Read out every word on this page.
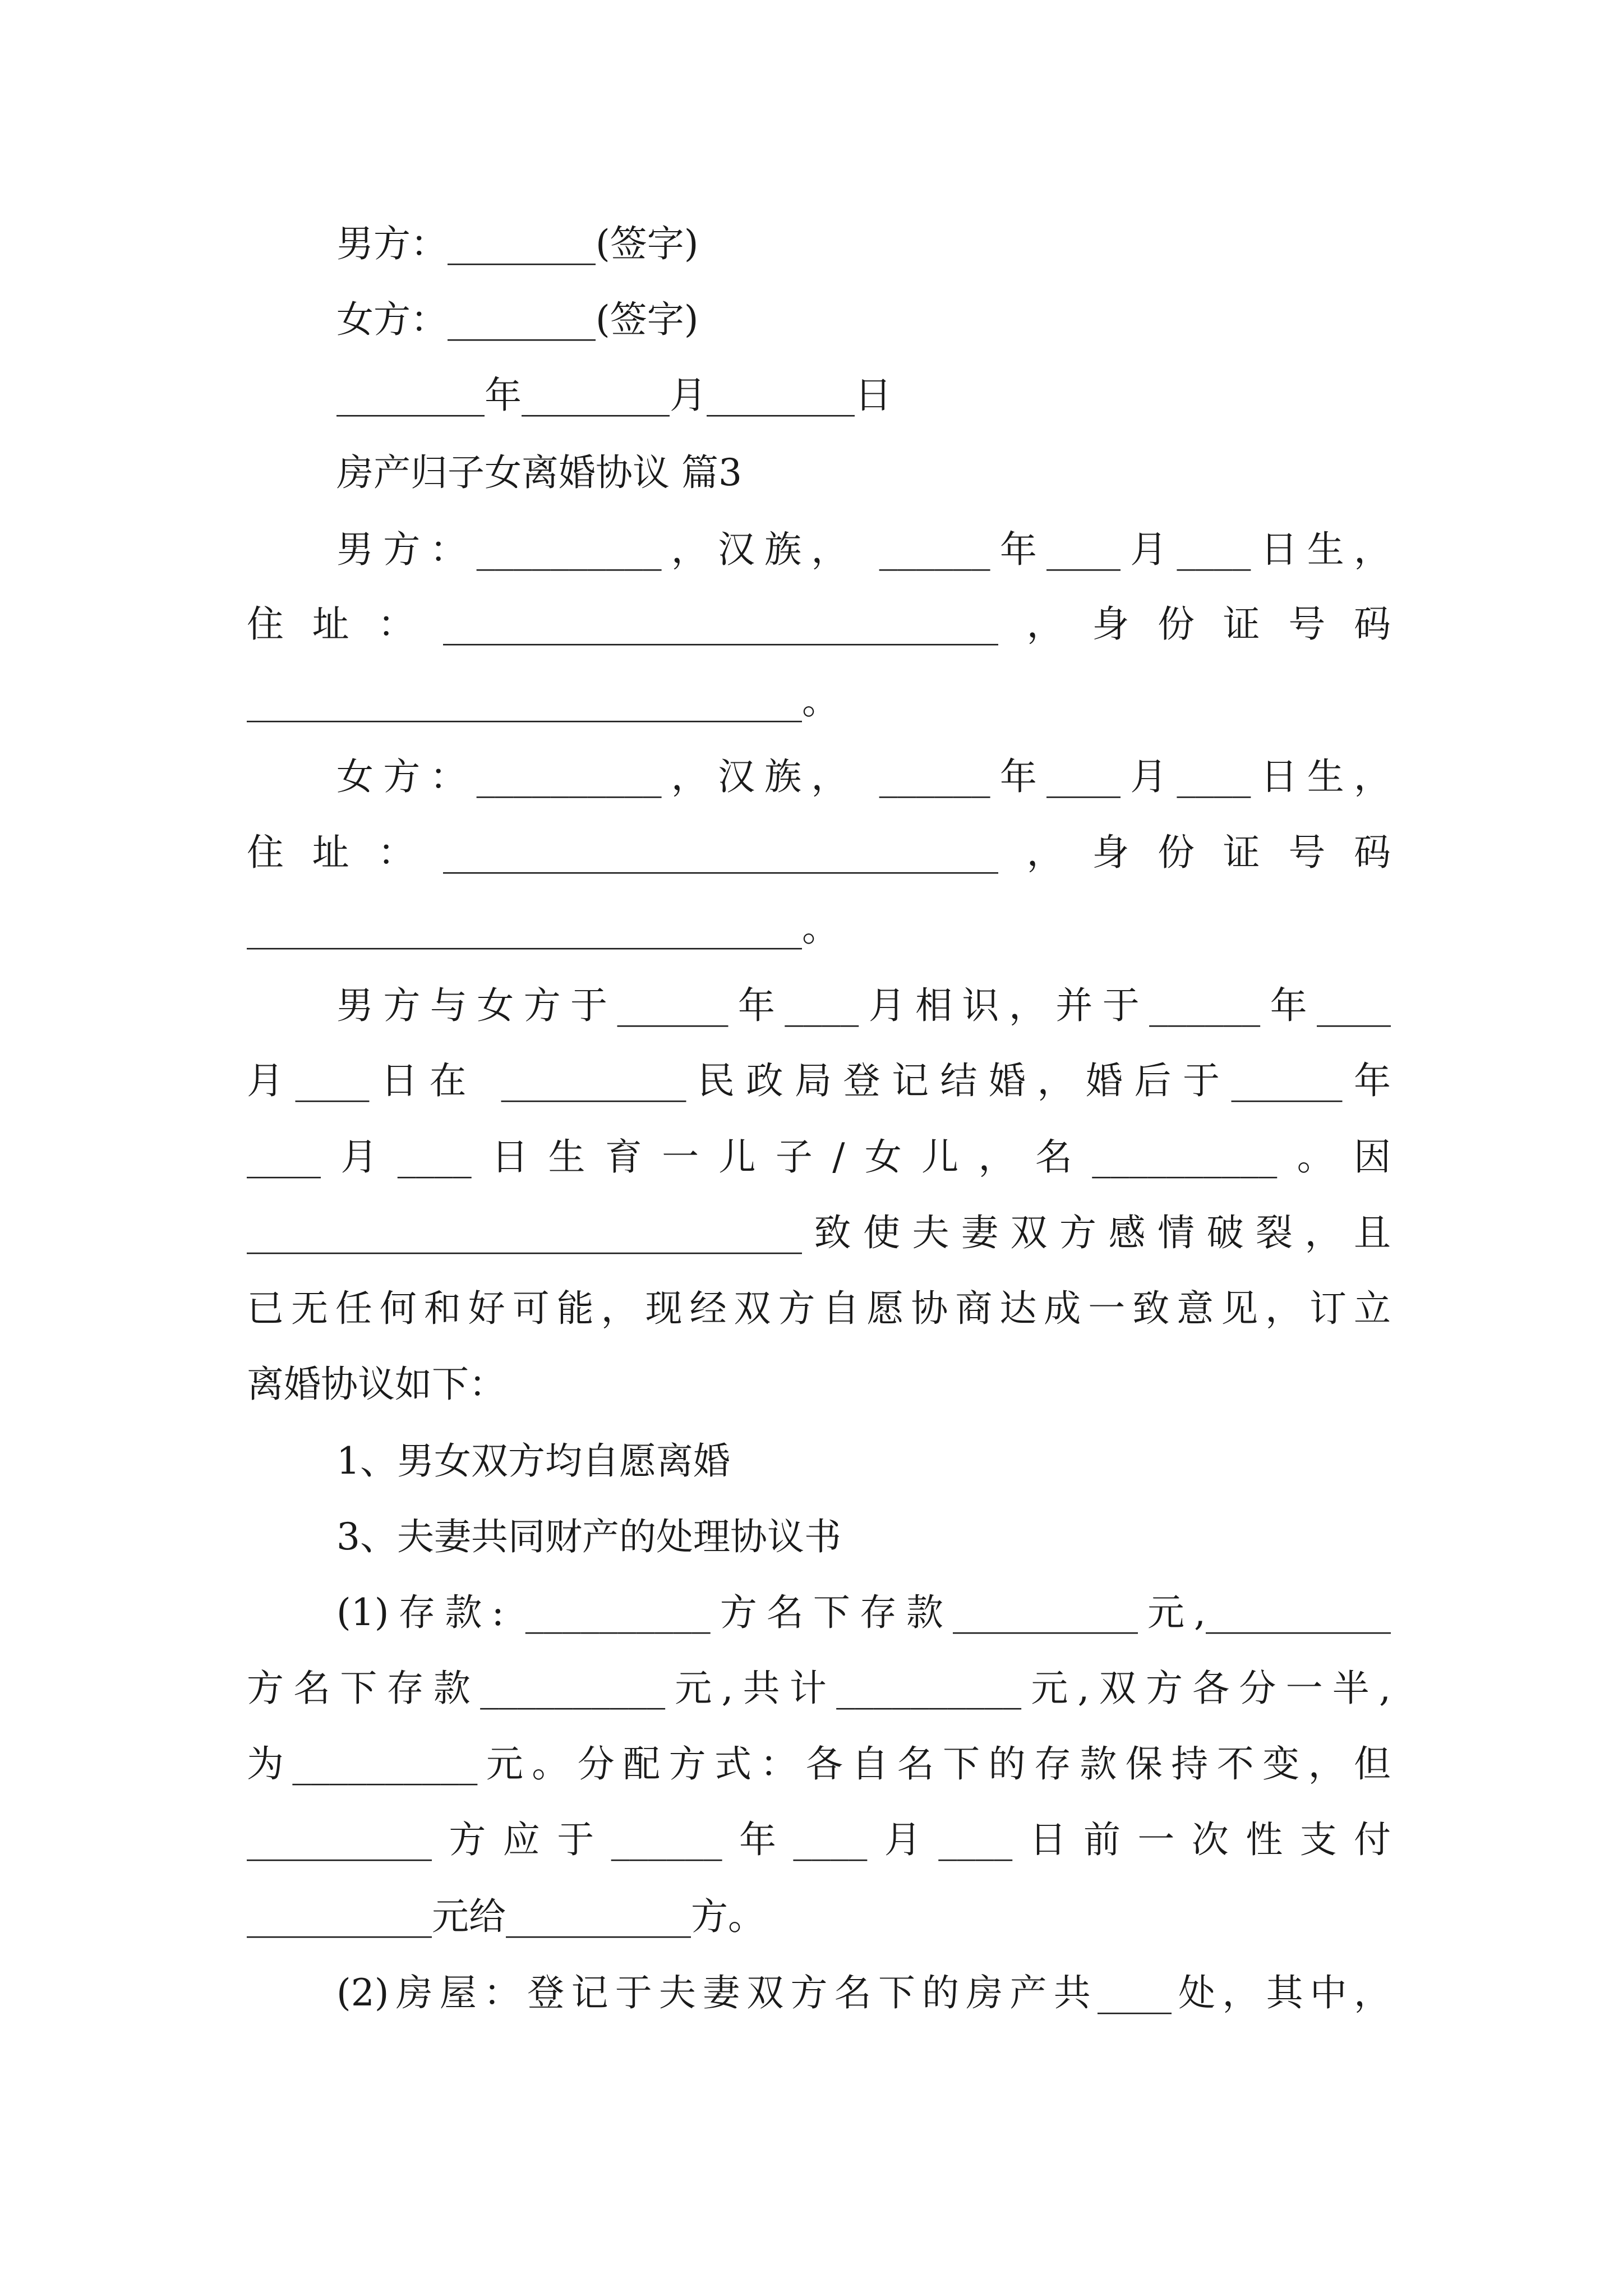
男方：________(签字)
女方：________(签字)
________年________月________日
房产归子女离婚协议 篇3
男方：__________，汉族， ______年____月____日生，
住址：______________________________，身份证号码
______________________________。
女方：__________，汉族， ______年____月____日生，
住址：______________________________，身份证号码
______________________________。
男方与女方于______年____月相识，并于______年____
月____日在 __________民政局登记结婚，婚后于______年
____月____日生育一儿子/女儿，名__________。因
______________________________致使夫妻双方感情破裂，且
已无任何和好可能，现经双方自愿协商达成一致意见，订立
离婚协议如下：
1、男女双方均自愿离婚
3、夫妻共同财产的处理协议书
(1)存款: __________方名下存款__________元,__________
方名下存款__________元,共计__________元,双方各分一半,
为__________元。分配方式：各自名下的存款保持不变，但
__________方应于______年____月____日前一次性支付
__________元给__________方。
(2)房屋：登记于夫妻双方名下的房产共____处，其中，
